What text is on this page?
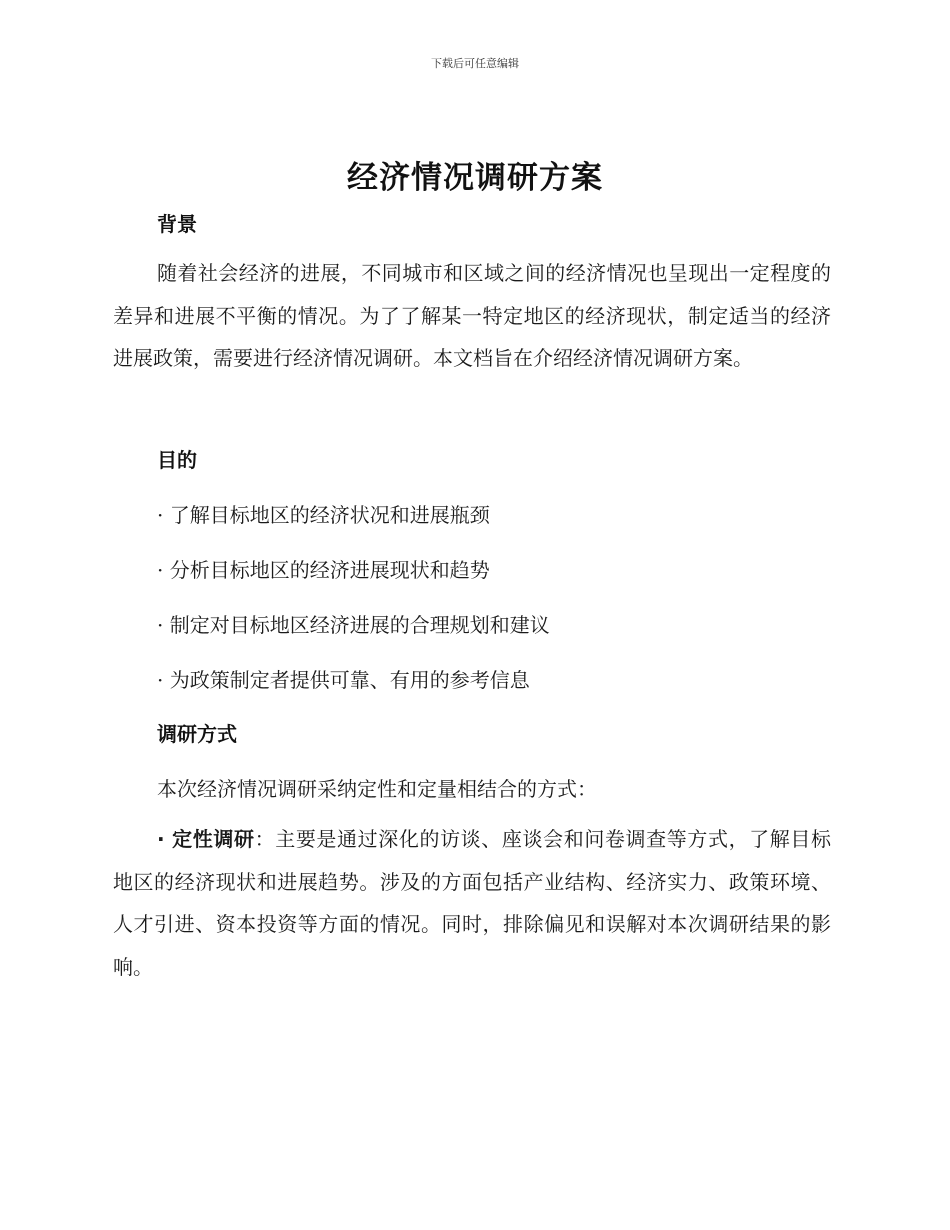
下载后可任意编辑
经济情况调研方案
背景
随着社会经济的进展，不同城市和区域之间的经济情况也呈现出一定程度的差异和进展不平衡的情况。为了了解某一特定地区的经济现状，制定适当的经济进展政策，需要进行经济情况调研。本文档旨在介绍经济情况调研方案。
目的
· 了解目标地区的经济状况和进展瓶颈
· 分析目标地区的经济进展现状和趋势
· 制定对目标地区经济进展的合理规划和建议
· 为政策制定者提供可靠、有用的参考信息
调研方式
本次经济情况调研采纳定性和定量相结合的方式：
· 定性调研：主要是通过深化的访谈、座谈会和问卷调查等方式，了解目标地区的经济现状和进展趋势。涉及的方面包括产业结构、经济实力、政策环境、人才引进、资本投资等方面的情况。同时，排除偏见和误解对本次调研结果的影响。
